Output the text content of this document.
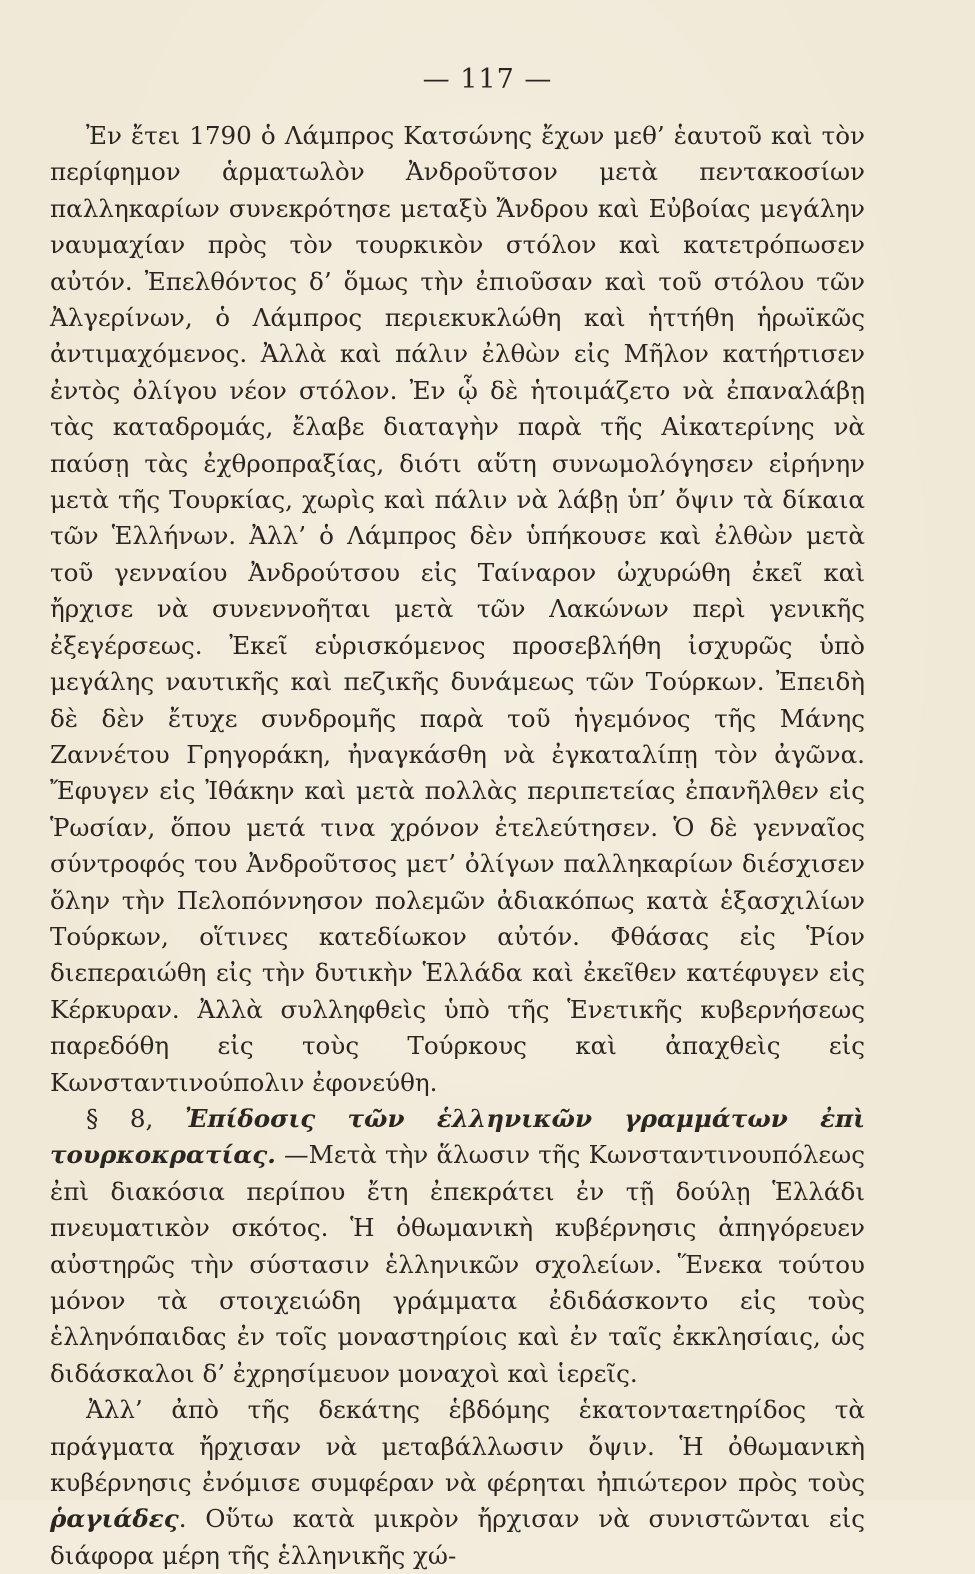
— 117 —

Ἐν ἔτει 1790 ὁ Λάμπρος Κατσώνης ἔχων μεθ’ ἑαυτοῦ καὶ τὸν περίφημον ἁρματωλὸν Ἀνδροῦτσον μετὰ πεντακοσίων παλληκαρίων συνεκρότησε μεταξὺ Ἄνδρου καὶ Εὐβοίας μεγάλην ναυμαχίαν πρὸς τὸν τουρκικὸν στόλον καὶ κατετρόπωσεν αὐτόν. Ἐπελθόντος δ’ ὅμως τὴν ἐπιοῦσαν καὶ τοῦ στόλου τῶν Ἀλγερίνων, ὁ Λάμπρος περιεκυκλώθη καὶ ἡττήθη ἡρωϊκῶς ἀντιμαχόμενος. Ἀλλὰ καὶ πάλιν ἐλθὼν εἰς Μῆλον κατήρτισεν ἐντὸς ὀλίγου νέον στόλον. Ἐν ᾧ δὲ ἡτοιμάζετο νὰ ἐπαναλάβῃ τὰς καταδρομάς, ἔλαβε διαταγὴν παρὰ τῆς Αἰκατερίνης νὰ παύσῃ τὰς ἐχθροπραξίας, διότι αὕτη συνωμολόγησεν εἰρήνην μετὰ τῆς Τουρκίας, χωρὶς καὶ πάλιν νὰ λάβῃ ὑπ’ ὄψιν τὰ δίκαια τῶν Ἑλλήνων. Ἀλλ’ ὁ Λάμπρος δὲν ὑπήκουσε καὶ ἐλθὼν μετὰ τοῦ γενναίου Ἀνδρούτσου εἰς Ταίναρον ὠχυρώθη ἐκεῖ καὶ ἤρχισε νὰ συνεννοῆται μετὰ τῶν Λακώνων περὶ γενικῆς ἐξεγέρσεως. Ἐκεῖ εὑρισκόμενος προσεβλήθη ἰσχυρῶς ὑπὸ μεγάλης ναυτικῆς καὶ πεζικῆς δυνάμεως τῶν Τούρκων. Ἐπειδὴ δὲ δὲν ἔτυχε συνδρομῆς παρὰ τοῦ ἡγεμόνος τῆς Μάνης Ζαννέτου Γρηγοράκη, ἠναγκάσθη νὰ ἐγκαταλίπῃ τὸν ἀγῶνα. Ἔφυγεν εἰς Ἰθάκην καὶ μετὰ πολλὰς περιπετείας ἐπανῆλθεν εἰς Ῥωσίαν, ὅπου μετά τινα χρόνον ἐτελεύτησεν. Ὁ δὲ γενναῖος σύντροφός του Ἀνδροῦτσος μετ’ ὀλίγων παλληκαρίων διέσχισεν ὅλην τὴν Πελοπόννησον πολεμῶν ἀδιακόπως κατὰ ἑξασχιλίων Τούρκων, οἵτινες κατεδίωκον αὐτόν. Φθάσας εἰς Ῥίον διεπεραιώθη εἰς τὴν δυτικὴν Ἑλλάδα καὶ ἐκεῖθεν κατέφυγεν εἰς Κέρκυραν. Ἀλλὰ συλληφθεὶς ὑπὸ τῆς Ἑνετικῆς κυβερνήσεως παρεδόθη εἰς τοὺς Τούρκους καὶ ἀπαχθεὶς εἰς Κωνσταντινούπολιν ἐφονεύθη.

§ 8, Ἐπίδοσις τῶν ἑλληνικῶν γραμμάτων ἐπὶ τουρκοκρατίας. —Μετὰ τὴν ἅλωσιν τῆς Κωνσταντινουπόλεως ἐπὶ διακόσια περίπου ἔτη ἐπεκράτει ἐν τῇ δούλῃ Ἑλλάδι πνευματικὸν σκότος. Ἡ ὀθωμανικὴ κυβέρνησις ἀπηγόρευεν αὐστηρῶς τὴν σύστασιν ἑλληνικῶν σχολείων. Ἕνεκα τούτου μόνον τὰ στοιχειώδη γράμματα ἐδιδάσκοντο εἰς τοὺς ἑλληνόπαιδας ἐν τοῖς μοναστηρίοις καὶ ἐν ταῖς ἐκκλησίαις, ὡς διδάσκαλοι δ’ ἐχρησίμευον μοναχοὶ καὶ ἱερεῖς.

Ἀλλ’ ἀπὸ τῆς δεκάτης ἑβδόμης ἑκατονταετηρίδος τὰ πράγματα ἤρχισαν νὰ μεταβάλλωσιν ὄψιν. Ἡ ὀθωμανικὴ κυβέρνησις ἐνόμισε συμφέραν νὰ φέρηται ἠπιώτερον πρὸς τοὺς ῥαγιάδες. Οὕτω κατὰ μικρὸν ἤρχισαν νὰ συνιστῶνται εἰς διάφορα μέρη τῆς ἑλληνικῆς χώ-
